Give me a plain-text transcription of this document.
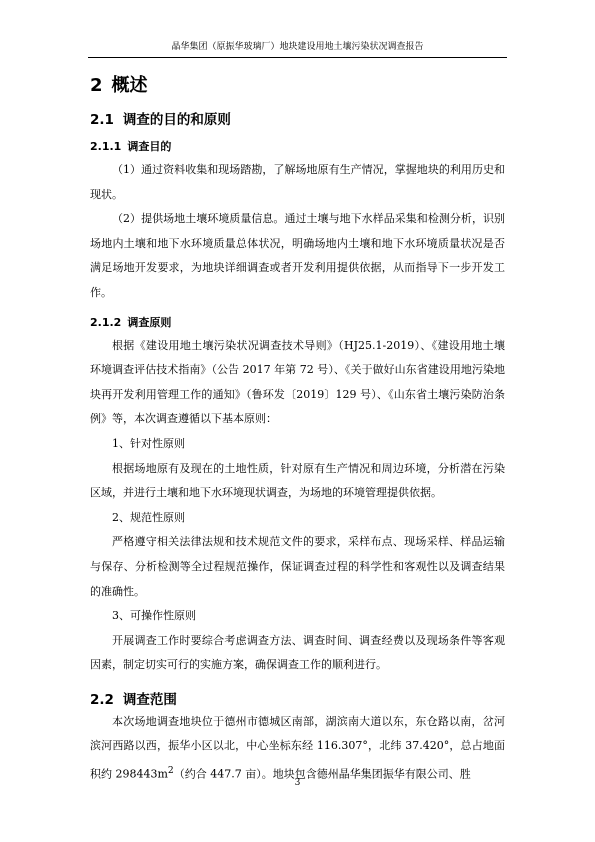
晶华集团（原振华玻璃厂）地块建设用地土壤污染状况调查报告
2 概述
2.1 调查的目的和原则
2.1.1 调查目的

（1）通过资料收集和现场踏勘，了解场地原有生产情况，掌握地块的利用历史和现状。

（2）提供场地土壤环境质量信息。通过土壤与地下水样品采集和检测分析，识别场地内土壤和地下水环境质量总体状况，明确场地内土壤和地下水环境质量状况是否满足场地开发要求，为地块详细调查或者开发利用提供依据，从而指导下一步开发工作。

2.1.2 调查原则

根据《建设用地土壤污染状况调查技术导则》（HJ25.1-2019）、《建设用地土壤环境调查评估技术指南》（公告 2017 年第 72 号）、《关于做好山东省建设用地污染地块再开发利用管理工作的通知》（鲁环发〔2019〕129 号）、《山东省土壤污染防治条例》等，本次调查遵循以下基本原则：

1、针对性原则

根据场地原有及现在的土地性质，针对原有生产情况和周边环境，分析潜在污染区域，并进行土壤和地下水环境现状调查，为场地的环境管理提供依据。

2、规范性原则

严格遵守相关法律法规和技术规范文件的要求，采样布点、现场采样、样品运输与保存、分析检测等全过程规范操作，保证调查过程的科学性和客观性以及调查结果的准确性。

3、可操作性原则

开展调查工作时要综合考虑调查方法、调查时间、调查经费以及现场条件等客观因素，制定切实可行的实施方案，确保调查工作的顺利进行。

2.2 调查范围

本次场地调查地块位于德州市德城区南部，湖滨南大道以东，东仓路以南，岔河滨河西路以西，振华小区以北，中心坐标东经 116.307°，北纬 37.420°，总占地面积约 $298443m^2$（约合 447.7 亩）。地块包含德州晶华集团振华有限公司、胜

3
